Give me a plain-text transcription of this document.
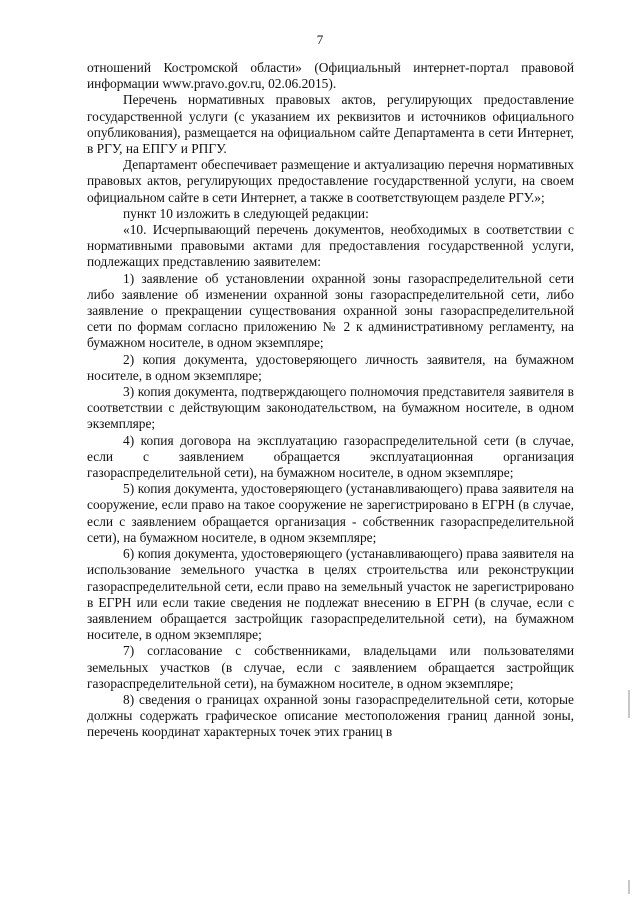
7

отношений Костромской области» (Официальный интернет-портал правовой информации www.pravo.gov.ru, 02.06.2015).

Перечень нормативных правовых актов, регулирующих предоставление государственной услуги (с указанием их реквизитов и источников официального опубликования), размещается на официальном сайте Департамента в сети Интернет, в РГУ, на ЕПГУ и РПГУ.

Департамент обеспечивает размещение и актуализацию перечня нормативных правовых актов, регулирующих предоставление государственной услуги, на своем официальном сайте в сети Интернет, а также в соответствующем разделе РГУ.»;

пункт 10 изложить в следующей редакции:

«10. Исчерпывающий перечень документов, необходимых в соответствии с нормативными правовыми актами для предоставления государственной услуги, подлежащих представлению заявителем:

1) заявление об установлении охранной зоны газораспределительной сети либо заявление об изменении охранной зоны газораспределительной сети, либо заявление о прекращении существования охранной зоны газораспределительной сети по формам согласно приложению № 2 к административному регламенту, на бумажном носителе, в одном экземпляре;

2) копия документа, удостоверяющего личность заявителя, на бумажном носителе, в одном экземпляре;

3) копия документа, подтверждающего полномочия представителя заявителя в соответствии с действующим законодательством, на бумажном носителе, в одном экземпляре;

4) копия договора на эксплуатацию газораспределительной сети (в случае, если с заявлением обращается эксплуатационная организация газораспределительной сети), на бумажном носителе, в одном экземпляре;

5) копия документа, удостоверяющего (устанавливающего) права заявителя на сооружение, если право на такое сооружение не зарегистрировано в ЕГРН (в случае, если с заявлением обращается организация - собственник газораспределительной сети), на бумажном носителе, в одном экземпляре;

6) копия документа, удостоверяющего (устанавливающего) права заявителя на использование земельного участка в целях строительства или реконструкции газораспределительной сети, если право на земельный участок не зарегистрировано в ЕГРН или если такие сведения не подлежат внесению в ЕГРН (в случае, если с заявлением обращается застройщик газораспределительной сети), на бумажном носителе, в одном экземпляре;

7) согласование с собственниками, владельцами или пользователями земельных участков (в случае, если с заявлением обращается застройщик газораспределительной сети), на бумажном носителе, в одном экземпляре;

8) сведения о границах охранной зоны газораспределительной сети, которые должны содержать графическое описание местоположения границ данной зоны, перечень координат характерных точек этих границ в
